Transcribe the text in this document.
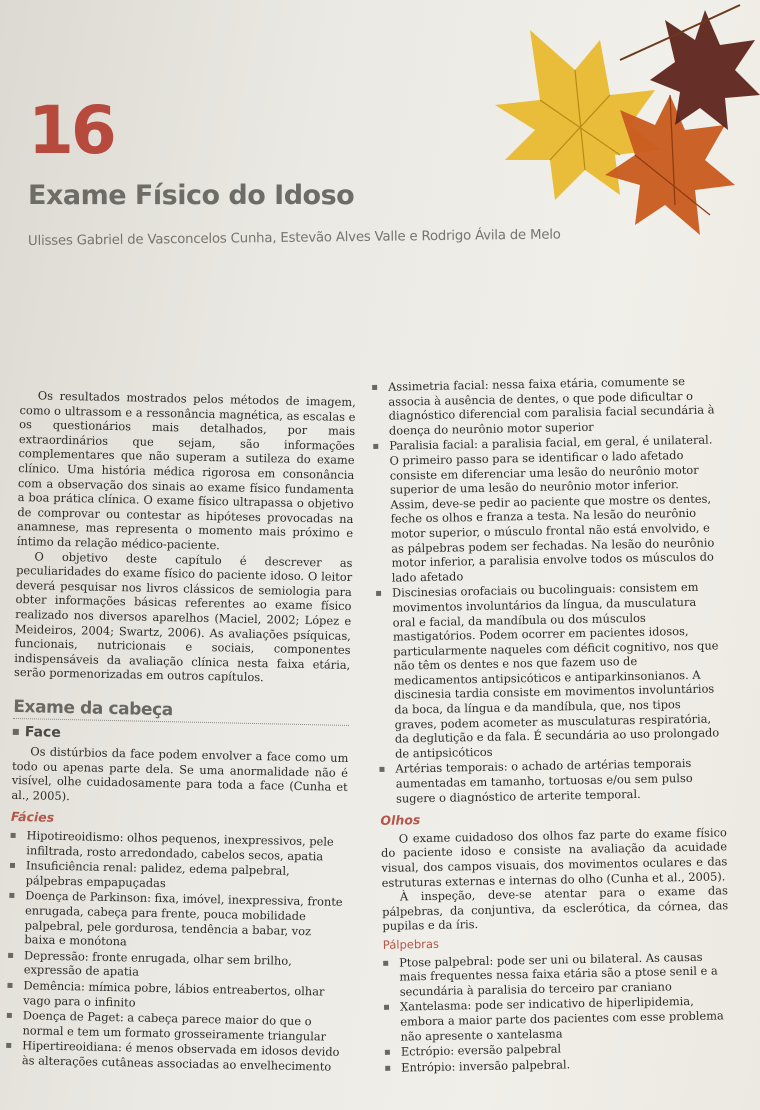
16
Exame Físico do Idoso
Ulisses Gabriel de Vasconcelos Cunha, Estevão Alves Valle e Rodrigo Ávila de Melo

Os resultados mostrados pelos métodos de imagem, como o ultrassom e a ressonância magnética, as escalas e os questionários mais detalhados, por mais extraordinários que sejam, são informações complementares que não superam a sutileza do exame clínico. Uma história médica rigorosa em consonância com a observação dos sinais ao exame físico fundamenta a boa prática clínica. O exame físico ultrapassa o objetivo de comprovar ou contestar as hipóteses provocadas na anamnese, mas representa o momento mais próximo e íntimo da relação médico-paciente.

O objetivo deste capítulo é descrever as peculiaridades do exame físico do paciente idoso. O leitor deverá pesquisar nos livros clássicos de semiologia para obter informações básicas referentes ao exame físico realizado nos diversos aparelhos (Maciel, 2002; López e Meideiros, 2004; Swartz, 2006). As avaliações psíquicas, funcionais, nutricionais e sociais, componentes indispensáveis da avaliação clínica nesta faixa etária, serão pormenorizadas em outros capítulos.

Exame da cabeça
Face

Os distúrbios da face podem envolver a face como um todo ou apenas parte dela. Se uma anormalidade não é visível, olhe cuidadosamente para toda a face (Cunha et al., 2005).

Fácies
Hipotireoidismo: olhos pequenos, inexpressivos, pele infiltrada, rosto arredondado, cabelos secos, apatia
Insuficiência renal: palidez, edema palpebral, pálpebras empapuçadas
Doença de Parkinson: fixa, imóvel, inexpressiva, fronte enrugada, cabeça para frente, pouca mobilidade palpebral, pele gordurosa, tendência a babar, voz baixa e monótona
Depressão: fronte enrugada, olhar sem brilho, expressão de apatia
Demência: mímica pobre, lábios entreabertos, olhar vago para o infinito
Doença de Paget: a cabeça parece maior do que o normal e tem um formato grosseiramente triangular
Hipertireoidiana: é menos observada em idosos devido às alterações cutâneas associadas ao envelhecimento
Assimetria facial: nessa faixa etária, comumente se associa à ausência de dentes, o que pode dificultar o diagnóstico diferencial com paralisia facial secundária à doença do neurônio motor superior
Paralisia facial: a paralisia facial, em geral, é unilateral. O primeiro passo para se identificar o lado afetado consiste em diferenciar uma lesão do neurônio motor superior de uma lesão do neurônio motor inferior. Assim, deve-se pedir ao paciente que mostre os dentes, feche os olhos e franza a testa. Na lesão do neurônio motor superior, o músculo frontal não está envolvido, e as pálpebras podem ser fechadas. Na lesão do neurônio motor inferior, a paralisia envolve todos os músculos do lado afetado
Discinesias orofaciais ou bucolinguais: consistem em movimentos involuntários da língua, da musculatura oral e facial, da mandíbula ou dos músculos mastigatórios. Podem ocorrer em pacientes idosos, particularmente naqueles com déficit cognitivo, nos que não têm os dentes e nos que fazem uso de medicamentos antipsicóticos e antiparkinsonianos. A discinesia tardia consiste em movimentos involuntários da boca, da língua e da mandíbula, que, nos tipos graves, podem acometer as musculaturas respiratória, da deglutição e da fala. É secundária ao uso prolongado de antipsicóticos
Artérias temporais: o achado de artérias temporais aumentadas em tamanho, tortuosas e/ou sem pulso sugere o diagnóstico de arterite temporal.
Olhos

O exame cuidadoso dos olhos faz parte do exame físico do paciente idoso e consiste na avaliação da acuidade visual, dos campos visuais, dos movimentos oculares e das estruturas externas e internas do olho (Cunha et al., 2005).

À inspeção, deve-se atentar para o exame das pálpebras, da conjuntiva, da esclerótica, da córnea, das pupilas e da íris.

Pálpebras
Ptose palpebral: pode ser uni ou bilateral. As causas mais frequentes nessa faixa etária são a ptose senil e a secundária à paralisia do terceiro par craniano
Xantelasma: pode ser indicativo de hiperlipidemia, embora a maior parte dos pacientes com esse problema não apresente o xantelasma
Ectrópio: eversão palpebral
Entrópio: inversão palpebral.
